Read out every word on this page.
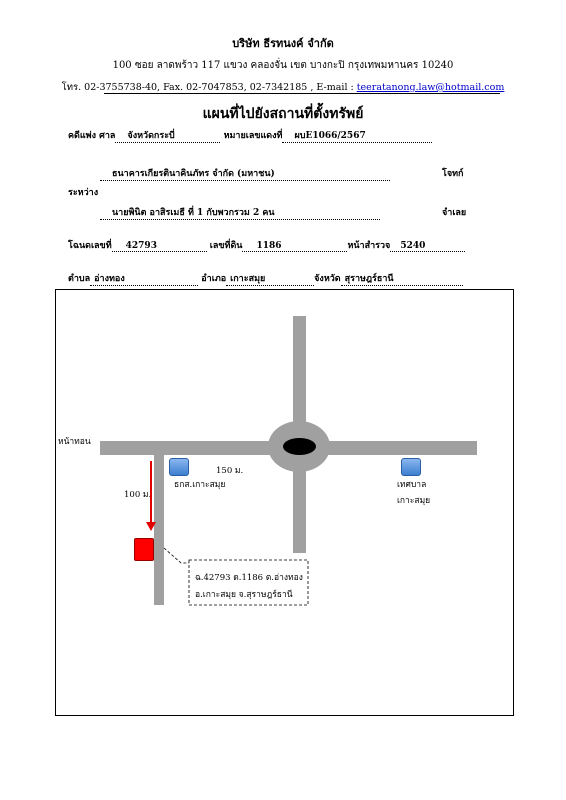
บริษัท ธีรทนงค์ จำกัด
100 ซอย ลาดพร้าว 117 แขวง คลองจั่น เขต บางกะปิ กรุงเทพมหานคร 10240
โทร. 02-3755738-40, Fax. 02-7047853, 02-7342185 , E-mail : teeratanong.law@hotmail.com
แผนที่ไปยังสถานที่ตั้งทรัพย์
คดีแพ่ง ศาล จังหวัดกระบี่	หมายเลขแดงที่ ผบE1066/2567
ธนาคารเกียรตินาคินภัทร จำกัด (มหาชน)	โจทก์
ระหว่าง
นายพินิต อาสิรเมธี ที่ 1 กับพวกรวม 2 คน	จำเลย
โฉนดเลขที่ 42793	เลขที่ดิน 1186	หน้าสำรวจ 5240
ตำบล อ่างทอง	อำเภอ เกาะสมุย	จังหวัด สุราษฎร์ธานี
หน้าทอน
ธกส.เกาะสมุย
150 ม.
เทศบาล
เกาะสมุย
100 ม.
ฉ.42793 ด.1186 ต.อ่างทอง
อ.เกาะสมุย จ.สุราษฎร์ธานี
